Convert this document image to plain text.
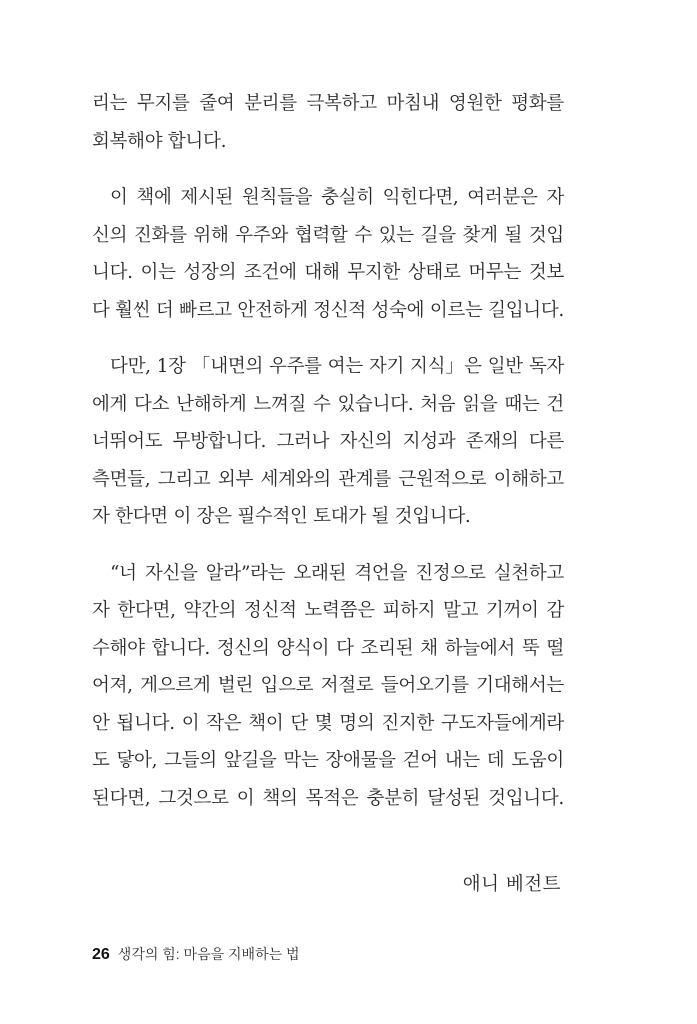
리는 무지를 줄여 분리를 극복하고 마침내 영원한 평화를
회복해야 합니다.

이 책에 제시된 원칙들을 충실히 익힌다면, 여러분은 자
신의 진화를 위해 우주와 협력할 수 있는 길을 찾게 될 것입
니다. 이는 성장의 조건에 대해 무지한 상태로 머무는 것보
다 훨씬 더 빠르고 안전하게 정신적 성숙에 이르는 길입니다.

다만, 1장 「내면의 우주를 여는 자기 지식」은 일반 독자
에게 다소 난해하게 느껴질 수 있습니다. 처음 읽을 때는 건
너뛰어도 무방합니다. 그러나 자신의 지성과 존재의 다른
측면들, 그리고 외부 세계와의 관계를 근원적으로 이해하고
자 한다면 이 장은 필수적인 토대가 될 것입니다.

“너 자신을 알라”라는 오래된 격언을 진정으로 실천하고
자 한다면, 약간의 정신적 노력쯤은 피하지 말고 기꺼이 감
수해야 합니다. 정신의 양식이 다 조리된 채 하늘에서 뚝 떨
어져, 게으르게 벌린 입으로 저절로 들어오기를 기대해서는
안 됩니다. 이 작은 책이 단 몇 명의 진지한 구도자들에게라
도 닿아, 그들의 앞길을 막는 장애물을 걷어 내는 데 도움이
된다면, 그것으로 이 책의 목적은 충분히 달성된 것입니다.

애니 베전트
26 생각의 힘: 마음을 지배하는 법
